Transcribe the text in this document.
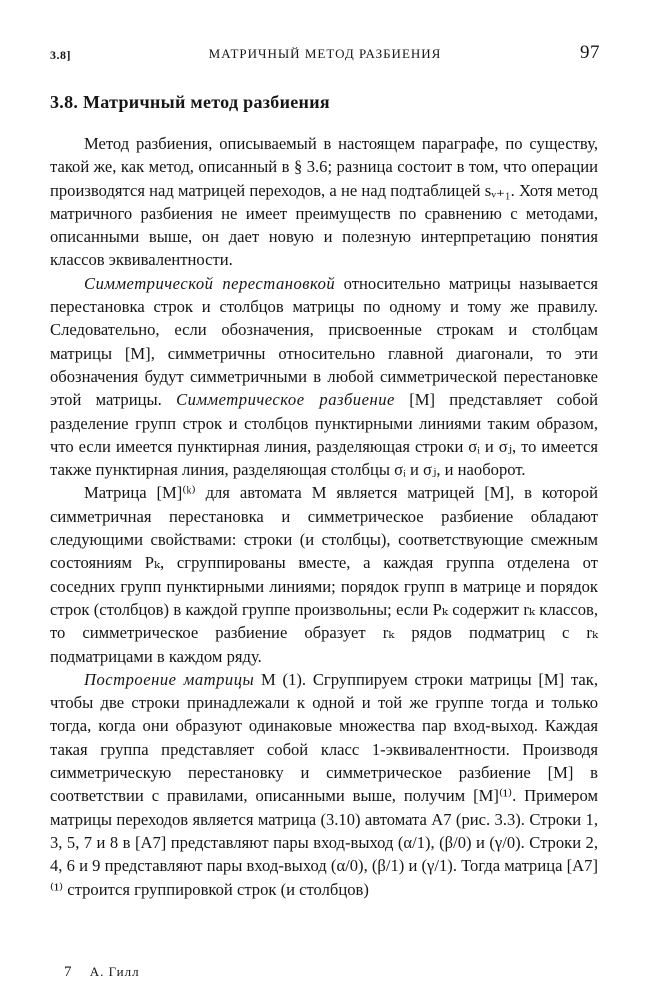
3.8]	МАТРИЧНЫЙ МЕТОД РАЗБИЕНИЯ	97
3.8. Матричный метод разбиения

Метод разбиения, описываемый в настоящем параграфе, по существу, такой же, как метод, описанный в § 3.6; разница состоит в том, что операции производятся над матрицей переходов, а не над подтаблицей sᵥ₊₁. Хотя метод матричного разбиения не имеет преимуществ по сравнению с методами, описанными выше, он дает новую и полезную интерпретацию понятия классов эквивалентности.

Симметрической перестановкой относительно матрицы называется перестановка строк и столбцов матрицы по одному и тому же правилу. Следовательно, если обозначения, присвоенные строкам и столбцам матрицы [M], симметричны относительно главной диагонали, то эти обозначения будут симметричными в любой симметрической перестановке этой матрицы. Симметрическое разбиение [M] представляет собой разделение групп строк и столбцов пунктирными линиями таким образом, что если имеется пунктирная линия, разделяющая строки σᵢ и σⱼ, то имеется также пунктирная линия, разделяющая столбцы σᵢ и σⱼ, и наоборот.

Матрица [M]⁽ᵏ⁾ для автомата M является матрицей [M], в которой симметричная перестановка и симметрическое разбиение обладают следующими свойствами: строки (и столбцы), соответствующие смежным состояниям Pₖ, сгруппированы вместе, а каждая группа отделена от соседних групп пунктирными линиями; порядок групп в матрице и порядок строк (столбцов) в каждой группе произвольны; если Pₖ содержит rₖ классов, то симметрическое разбиение образует rₖ рядов подматриц с rₖ подматрицами в каждом ряду.

Построение матрицы M (1). Сгруппируем строки матрицы [M] так, чтобы две строки принадлежали к одной и той же группе тогда и только тогда, когда они образуют одинаковые множества пар вход-выход. Каждая такая группа представляет собой класс 1-эквивалентности. Производя симметрическую перестановку и симметрическое разбиение [M] в соответствии с правилами, описанными выше, получим [M]⁽¹⁾. Примером матрицы переходов является матрица (3.10) автомата A7 (рис. 3.3). Строки 1, 3, 5, 7 и 8 в [A7] представляют пары вход-выход (α/1), (β/0) и (γ/0). Строки 2, 4, 6 и 9 представляют пары вход-выход (α/0), (β/1) и (γ/1). Тогда матрица [A7]⁽¹⁾ строится группировкой строк (и столбцов)

7 А. Гилл
